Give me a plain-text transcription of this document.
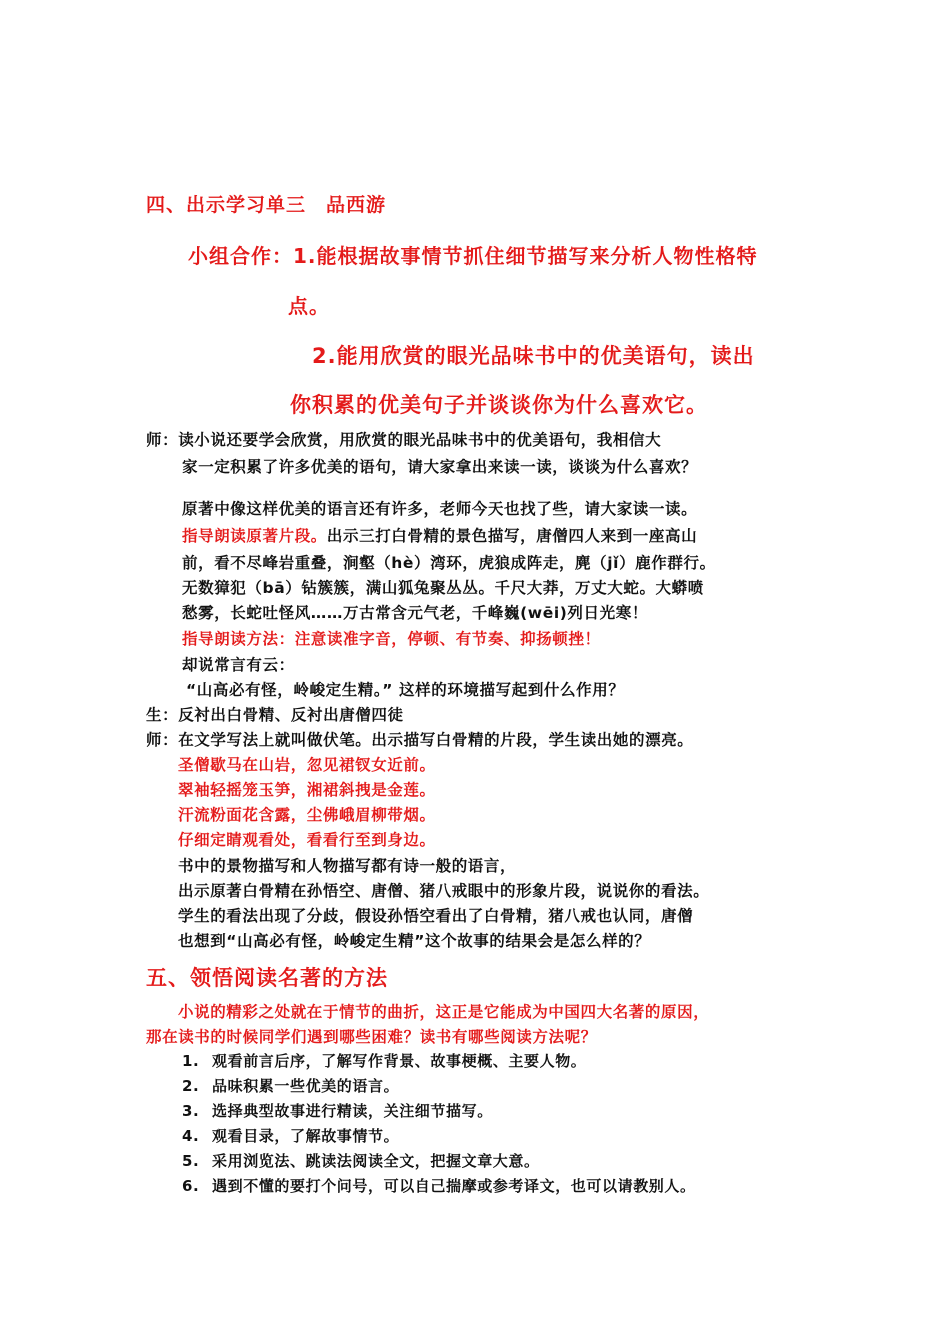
四、出示学习单三　品西游
小组合作：1.能根据故事情节抓住细节描写来分析人物性格特
点。
2.能用欣赏的眼光品味书中的优美语句，读出
你积累的优美句子并谈谈你为什么喜欢它。
师：读小说还要学会欣赏，用欣赏的眼光品味书中的优美语句，我相信大
家一定积累了许多优美的语句，请大家拿出来读一读，谈谈为什么喜欢？
原著中像这样优美的语言还有许多，老师今天也找了些，请大家读一读。
指导朗读原著片段。出示三打白骨精的景色描写，唐僧四人来到一座高山
前，看不尽峰岩重叠，涧壑（hè）湾环，虎狼成阵走，麂（jǐ）鹿作群行。
无数獐犯（bā）钻簇簇，满山狐兔聚丛丛。千尺大莽，万丈大蛇。大蟒喷
愁雾，长蛇吐怪风……万古常含元气老，千峰巍(wēi)列日光寒！
指导朗读方法：注意读准字音，停顿、有节奏、抑扬顿挫！
却说常言有云：
“山高必有怪，岭峻定生精。” 这样的环境描写起到什么作用？
生：反衬出白骨精、反衬出唐僧四徒
师：在文学写法上就叫做伏笔。出示描写白骨精的片段，学生读出她的漂亮。
圣僧歇马在山岩，忽见裙钗女近前。
翠袖轻摇笼玉笋，湘裙斜拽是金莲。
汗流粉面花含露，尘佛峨眉柳带烟。
仔细定睛观看处，看看行至到身边。
书中的景物描写和人物描写都有诗一般的语言，
出示原著白骨精在孙悟空、唐僧、猪八戒眼中的形象片段，说说你的看法。
学生的看法出现了分歧，假设孙悟空看出了白骨精，猪八戒也认同，唐僧
也想到“山高必有怪，岭峻定生精”这个故事的结果会是怎么样的？
五、领悟阅读名著的方法
小说的精彩之处就在于情节的曲折，这正是它能成为中国四大名著的原因，
那在读书的时候同学们遇到哪些困难？读书有哪些阅读方法呢？
1. 观看前言后序，了解写作背景、故事梗概、主要人物。
2. 品味积累一些优美的语言。
3. 选择典型故事进行精读，关注细节描写。
4. 观看目录，了解故事情节。
5. 采用浏览法、跳读法阅读全文，把握文章大意。
6. 遇到不懂的要打个问号，可以自己揣摩或参考译文，也可以请教别人。
